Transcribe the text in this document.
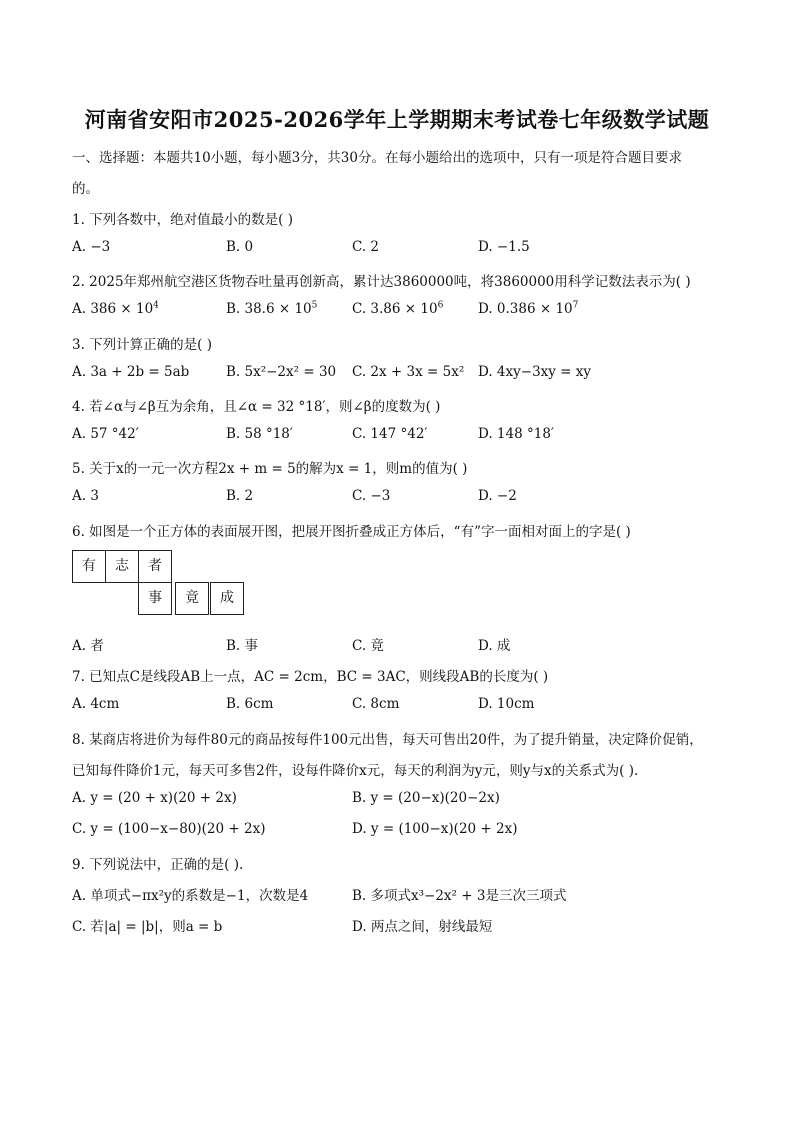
河南省安阳市2025-2026学年上学期期末考试卷七年级数学试题
一、选择题：本题共10小题，每小题3分，共30分。在每小题给出的选项中，只有一项是符合题目要求
的。
1. 下列各数中，绝对值最小的数是( )
A. −3	B. 0	C. 2	D. −1.5
2. 2025年郑州航空港区货物吞吐量再创新高，累计达3860000吨，将3860000用科学记数法表示为( )
A. $386 \times 10^4$	B. $38.6 \times 10^5$	C. $3.86 \times 10^6$	D. $0.386 \times 10^7$
3. 下列计算正确的是( )
A. 3a + 2b = 5ab	B. 5x²−2x² = 30 C. 2x + 3x = 5x² D. 4xy−3xy = xy
4. 若∠α与∠β互为余角，且∠α = 32 °18′，则∠β的度数为( )
A. 57 °42′	B. 58 °18′	C. 147 °42′	D. 148 °18′
5. 关于x的一元一次方程2x + m = 5的解为x = 1，则m的值为( )
A. 3	B. 2	C. −3	D. −2
6. 如图是一个正方体的表面展开图，把展开图折叠成正方体后，“有”字一面相对面上的字是( )
有	志	者
事	竟	成
A. 者	B. 事	C. 竟	D. 成
7. 已知点C是线段AB上一点，AC = 2cm，BC = 3AC，则线段AB的长度为( )
A. 4cm	B. 6cm	C. 8cm	D. 10cm
8. 某商店将进价为每件80元的商品按每件100元出售，每天可售出20件，为了提升销量，决定降价促销，
已知每件降价1元，每天可多售2件，设每件降价x元，每天的利润为y元，则y与x的关系式为( ).
A. y = (20 + x)(20 + 2x)	B. y = (20−x)(20−2x)
C. y = (100−x−80)(20 + 2x)	D. y = (100−x)(20 + 2x)
9. 下列说法中，正确的是( ).
A. 单项式−πx²y的系数是−1，次数是4	B. 多项式x³−2x² + 3是三次三项式
C. 若|a| = |b|，则a = b	D. 两点之间，射线最短
